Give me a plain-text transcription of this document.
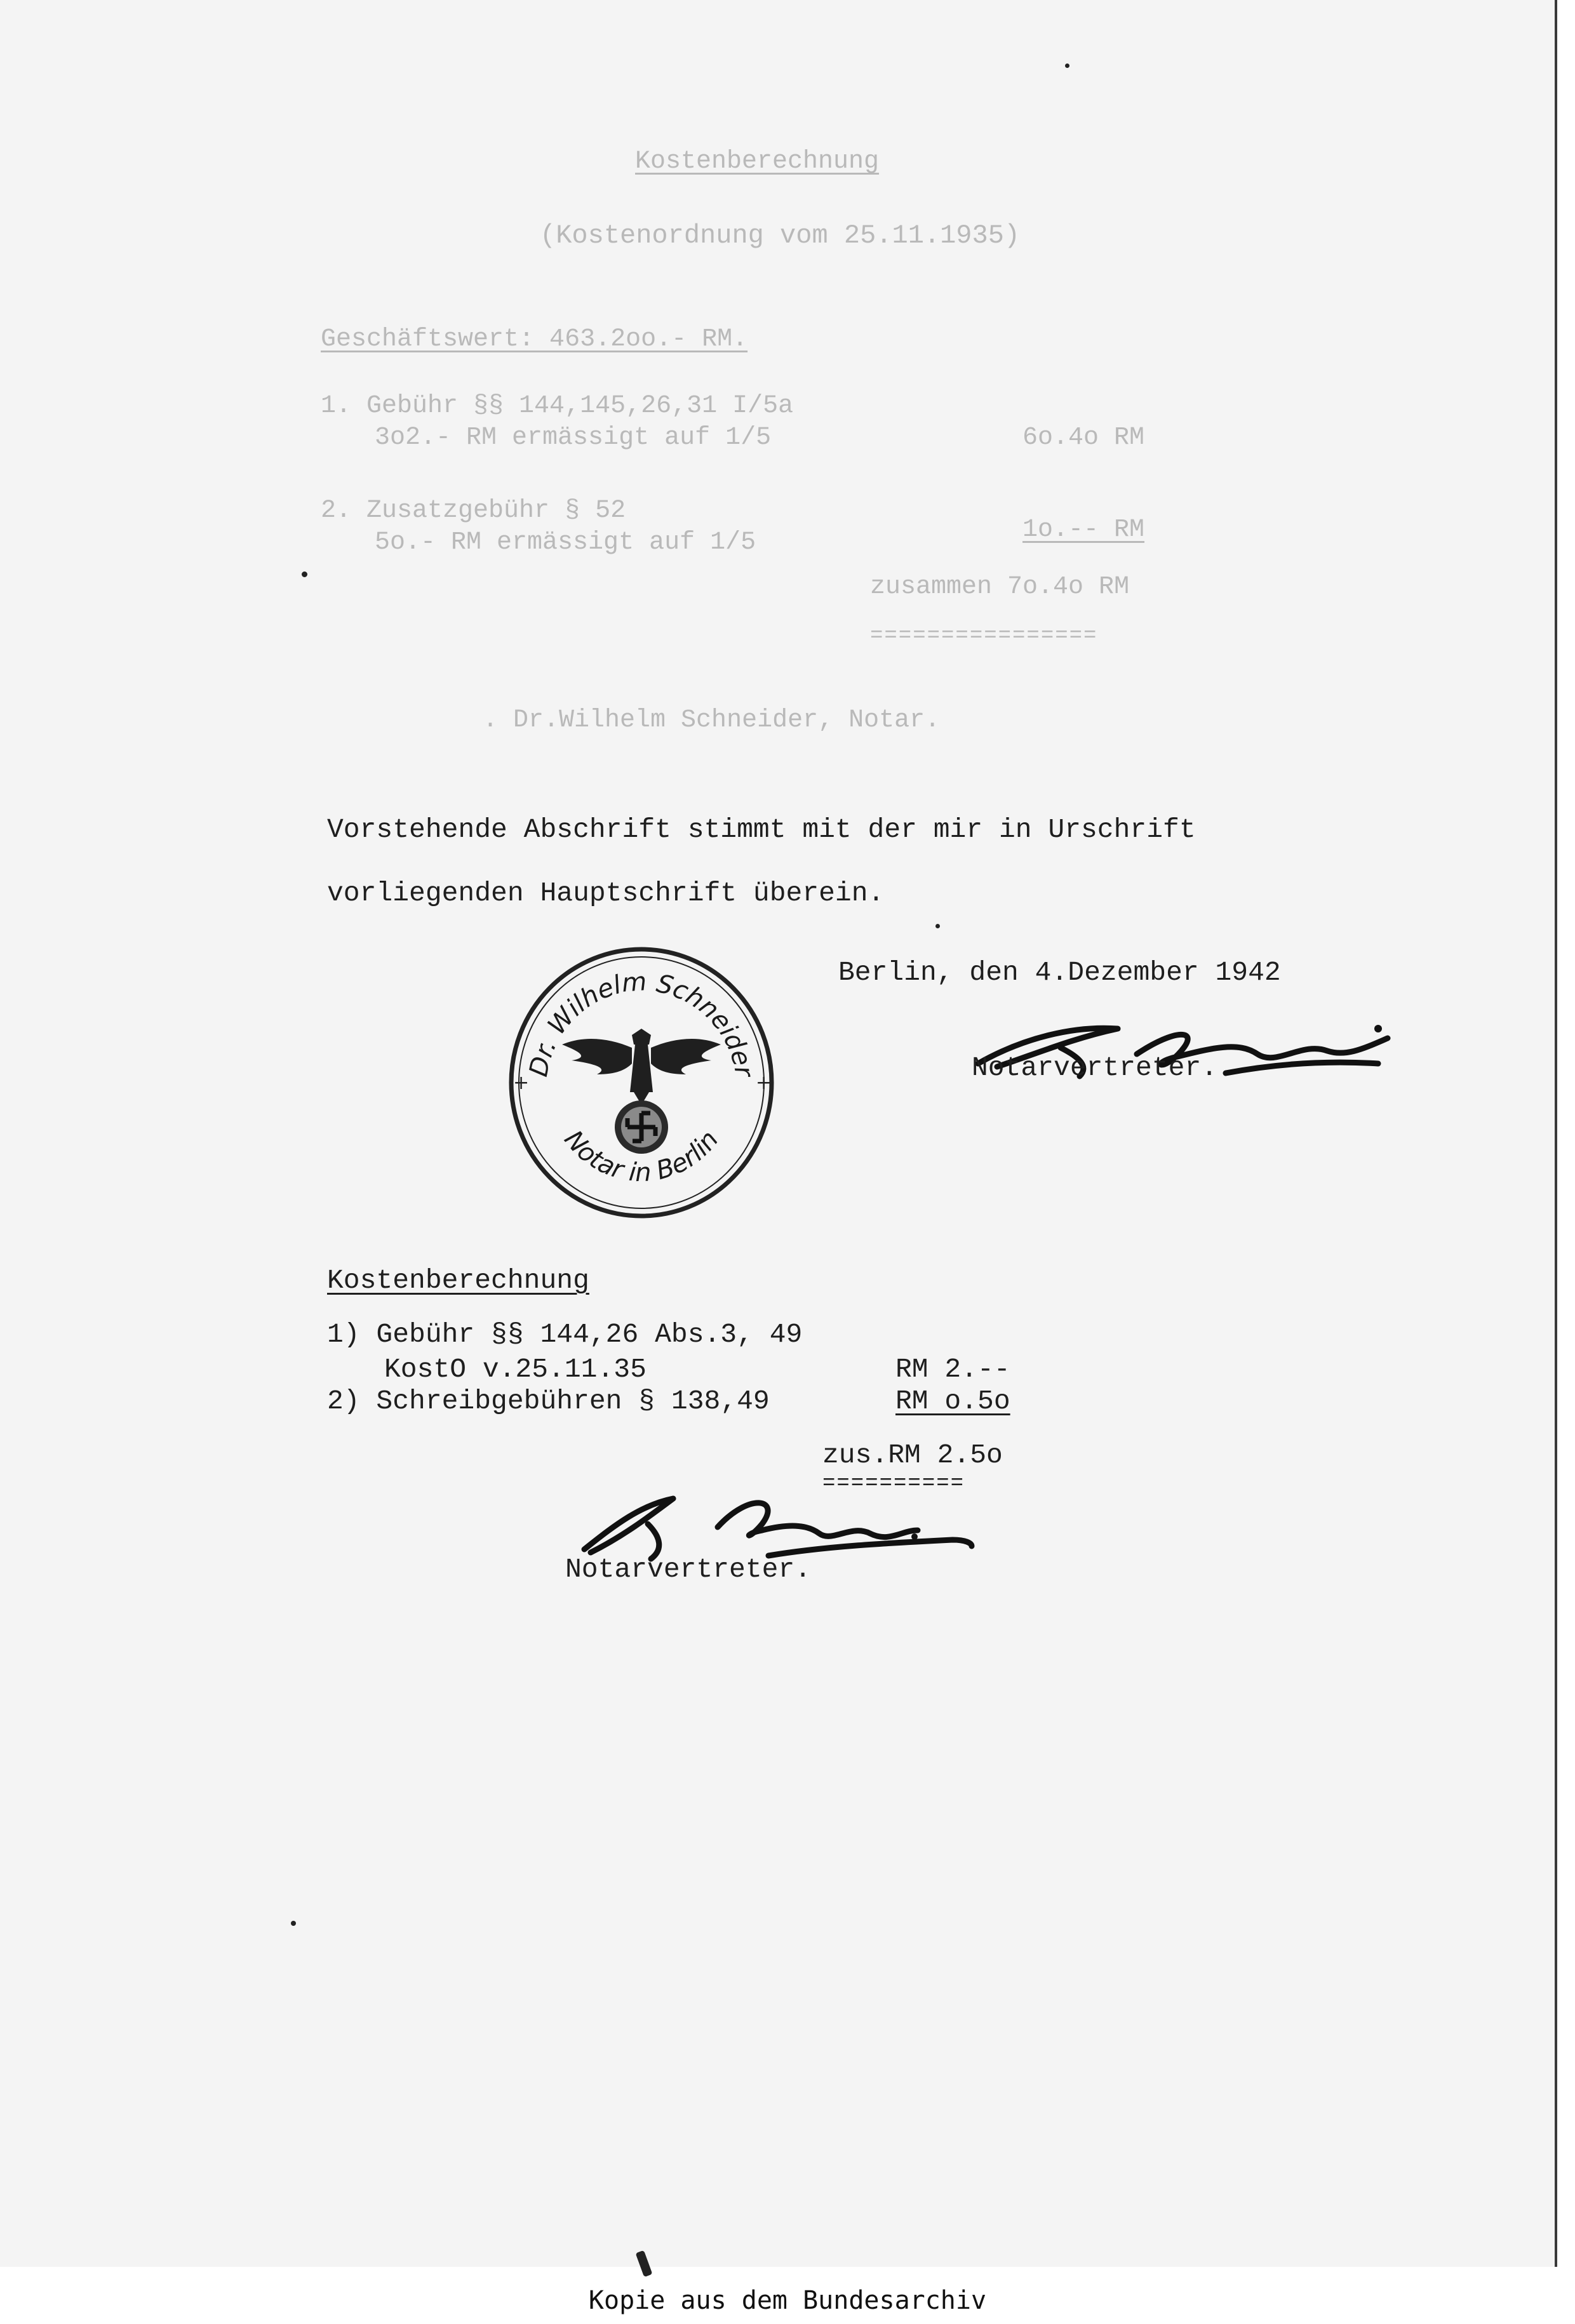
Kostenberechnung
(Kostenordnung vom 25.11.1935)
Geschäftswert: 463.2oo.- RM.
1. Gebühr §§ 144,145,26,31 I/5a
3o2.- RM ermässigt auf 1/5	6o.4o RM
2. Zusatzgebühr § 52
5o.- RM ermässigt auf 1/5	1o.-- RM
zusammen 7o.4o RM
================
. Dr.Wilhelm Schneider, Notar.
Vorstehende Abschrift stimmt mit der mir in Urschrift
vorliegenden Hauptschrift überein.
Berlin, den 4.Dezember 1942
Notarvertreter.
Dr. Wilhelm Schneider
Notar in Berlin
+	+
Kostenberechnung
1) Gebühr §§ 144,26 Abs.3, 49
KostO v.25.11.35	RM 2.--
2) Schreibgebühren § 138,49	RM o.5o
zus.RM 2.5o
==========
Notarvertreter.
Kopie aus dem Bundesarchiv
